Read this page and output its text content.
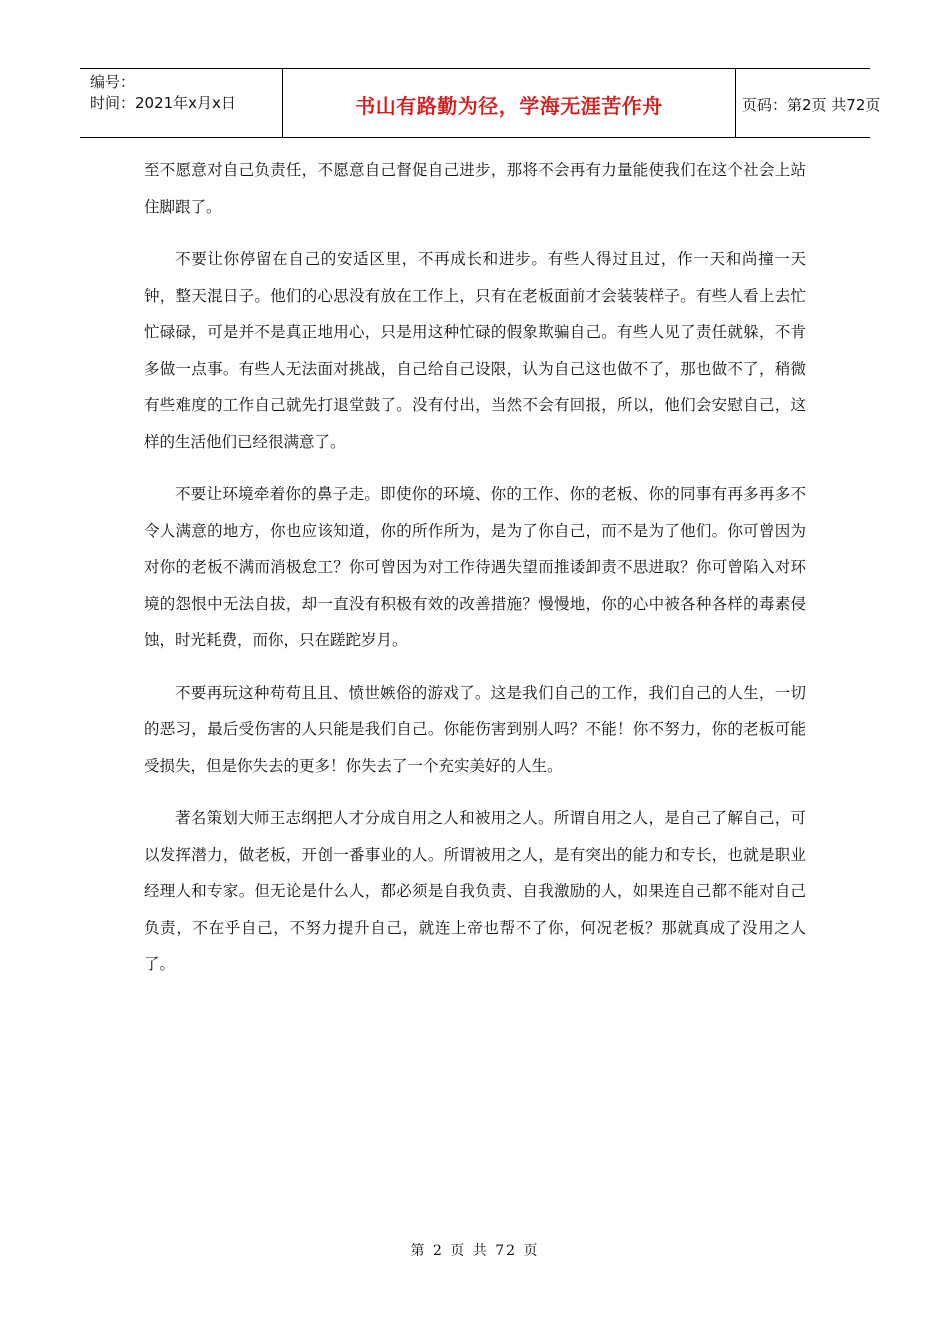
编号：
时间：2021年x月x日	书山有路勤为径，学海无涯苦作舟	页码：第2页 共72页

至不愿意对自己负责任，不愿意自己督促自己进步，那将不会再有力量能使我们在这个社会上站住脚跟了。

不要让你停留在自己的安适区里，不再成长和进步。有些人得过且过，作一天和尚撞一天钟，整天混日子。他们的心思没有放在工作上，只有在老板面前才会装装样子。有些人看上去忙忙碌碌，可是并不是真正地用心，只是用这种忙碌的假象欺骗自己。有些人见了责任就躲，不肯多做一点事。有些人无法面对挑战，自己给自己设限，认为自己这也做不了，那也做不了，稍微有些难度的工作自己就先打退堂鼓了。没有付出，当然不会有回报，所以，他们会安慰自己，这样的生活他们已经很满意了。

不要让环境牵着你的鼻子走。即使你的环境、你的工作、你的老板、你的同事有再多再多不令人满意的地方，你也应该知道，你的所作所为，是为了你自己，而不是为了他们。你可曾因为对你的老板不满而消极怠工？你可曾因为对工作待遇失望而推诿卸责不思进取？你可曾陷入对环境的怨恨中无法自拔，却一直没有积极有效的改善措施？慢慢地，你的心中被各种各样的毒素侵蚀，时光耗费，而你，只在蹉跎岁月。

不要再玩这种苟苟且且、愤世嫉俗的游戏了。这是我们自己的工作，我们自己的人生，一切的恶习，最后受伤害的人只能是我们自己。你能伤害到别人吗？不能！你不努力，你的老板可能受损失，但是你失去的更多！你失去了一个充实美好的人生。

著名策划大师王志纲把人才分成自用之人和被用之人。所谓自用之人，是自己了解自己，可以发挥潜力，做老板，开创一番事业的人。所谓被用之人，是有突出的能力和专长，也就是职业经理人和专家。但无论是什么人，都必须是自我负责、自我激励的人，如果连自己都不能对自己负责，不在乎自己，不努力提升自己，就连上帝也帮不了你，何况老板？那就真成了没用之人了。

第 2 页 共 72 页
